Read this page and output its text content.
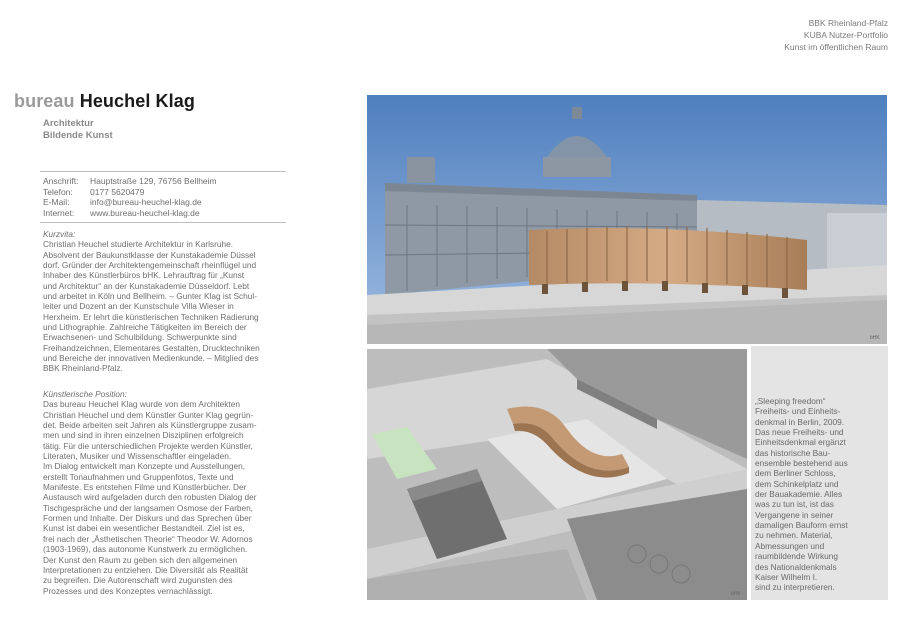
BBK Rheinland-Pfalz
KUBA Nutzer-Portfolio
Kunst im öffentlichen Raum
bureau Heuchel Klag
Architektur
Bildende Kunst
Anschrift:	Hauptstraße 129, 76756 Bellheim
Telefon:	0177 5620479
E-Mail:	info@bureau-heuchel-klag.de
Internet:	www.bureau-heuchel-klag.de

Kurzvita:

Christian Heuchel studierte Architektur in Karlsruhe.

Absolvent der Baukunstklasse der Kunstakademie Düssel

dorf. Gründer der Architektengemeinschaft rheinflügel und

Inhaber des Künstlerbüros bHK. Lehrauftrag für „Kunst

und Architektur“ an der Kunstakademie Düsseldorf. Lebt

und arbeitet in Köln und Bellheim. – Gunter Klag ist Schul-

leiter und Dozent an der Kunstschule Villa Wieser in

Herxheim. Er lehrt die künstlerischen Techniken Radierung

und Lithographie. Zahlreiche Tätigkeiten im Bereich der

Erwachsenen- und Schulbildung. Schwerpunkte sind

Freihandzeichnen, Elementares Gestalten, Drucktechniken

und Bereiche der innovativen Medienkunde. – Mitglied des

BBK Rheinland-Pfalz.

Künstlerische Position:

Das bureau Heuchel Klag wurde von dem Architekten

Christian Heuchel und dem Künstler Gunter Klag gegrün-

det. Beide arbeiten seit Jahren als Künstlergruppe zusam-

men und sind in ihren einzelnen Disziplinen erfolgreich

tätig. Für die unterschiedlichen Projekte werden Künstler,

Literaten, Musiker und Wissenschaftler eingeladen.

Im Dialog entwickelt man Konzepte und Ausstellungen,

erstellt Tonaufnahmen und Gruppenfotos, Texte und

Manifeste. Es entstehen Filme und Künstlerbücher. Der

Austausch wird aufgeladen durch den robusten Dialog der

Tischgespräche und der langsamen Osmose der Farben,

Formen und Inhalte. Der Diskurs und das Sprechen über

Kunst ist dabei ein wesentlicher Bestandteil. Ziel ist es,

frei nach der „Ästhetischen Theorie“ Theodor W. Adornos

(1903-1969), das autonome Kunstwerk zu ermöglichen.

Der Kunst den Raum zu geben sich den allgemeinen

Interpretationen zu entziehen. Die Diversität als Realität

zu begreifen. Die Autorenschaft wird zugunsten des

Prozesses und des Konzeptes vernachlässigt.

bHK
bHK
„Sleeping freedom“
Freiheits- und Einheits-
denkmal in Berlin, 2009.
Das neue Freiheits- und
Einheitsdenkmal ergänzt
das historische Bau-
ensemble bestehend aus
dem Berliner Schloss,
dem Schinkelplatz und
der Bauakademie. Alles
was zu tun ist, ist das
Vergangene in seiner
damaligen Bauform ernst
zu nehmen. Material,
Abmessungen und
raumbildende Wirkung
des Nationaldenkmals
Kaiser Wilhelm I.
sind zu interpretieren.
